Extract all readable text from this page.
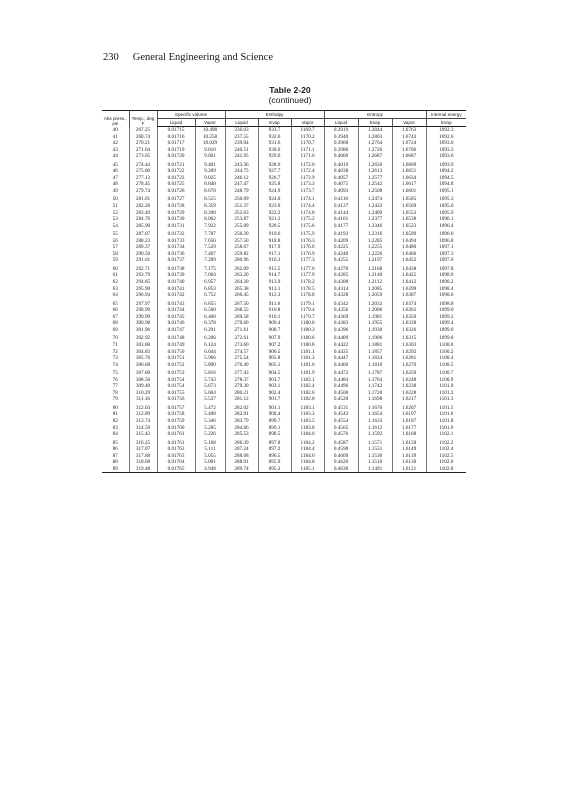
230 General Engineering and Science
Table 2-20
(continued)
Abs press., psi	Temp., deg F	Specific volume		Enthalpy			Entropy			Internal energy
		Liquid	Vapor	Liquid	Evap	Vapor	Liquid	Evap	Vapor	Evap
40	267.25	0.01715	10.498	236.03	933.7	1169.7	0.3919	1.2844	1.6763	1092.3
41	268.74	0.01716	10.258	237.55	932.6	1170.2	0.3940	1.2803	1.6743	1092.6
42	270.21	0.01717	10.029	239.04	931.6	1170.7	0.3960	1.2764	1.6724	1093.0
43	271.64	0.01719	9.810	240.51	930.6	1171.1	0.3980	1.2726	1.6706	1093.3
44	273.05	0.01720	9.601	241.95	929.6	1171.6	0.4000	1.2687	1.6687	1093.6
45	274.44	0.01721	9.401	243.36	928.6	1172.0	0.4019	1.2650	1.6669	1093.9
46	275.80	0.01722	9.209	244.75	927.7	1172.4	0.4038	1.2613	1.6651	1094.2
47	277.13	0.01723	9.025	246.12	926.7	1172.9	0.4057	1.2577	1.6634	1094.5
48	278.45	0.01725	8.848	247.47	925.8	1173.3	0.4075	1.2542	1.6617	1094.8
49	279.74	0.01726	8.678	248.79	924.9	1173.7	0.4093	1.2508	1.6601	1095.1
50	281.01	0.01727	8.515	250.09	924.0	1174.1	0.4110	1.2474	1.6585	1095.3
51	282.26	0.01728	8.359	251.37	923.0	1174.4	0.4127	1.2432	1.6569	1095.6
52	283.49	0.01729	8.208	252.63	922.2	1174.8	0.4144	1.2409	1.6553	1095.9
53	284.70	0.01730	8.062	253.87	921.3	1175.2	0.4161	1.2377	1.6538	1096.1
54	285.90	0.01731	7.922	255.09	920.5	1175.6	0.4177	1.2346	1.6523	1096.4
55	287.07	0.01732	7.787	256.30	919.6	1175.9	0.4193	1.2316	1.6509	1096.6
56	288.23	0.01733	7.656	257.50	918.8	1176.3	0.4209	1.2285	1.6494	1096.8
57	289.37	0.01734	7.529	258.67	917.9	1176.6	0.4225	1.2255	1.6480	1097.1
58	290.50	0.01736	7.407	259.82	917.1	1176.9	0.4240	1.2226	1.6466	1097.3
59	291.61	0.01737	7.289	260.96	916.3	1177.3	0.4255	1.2197	1.6452	1097.6
60	292.71	0.01738	7.175	262.09	915.5	1177.6	0.4270	1.2168	1.6438	1097.8
61	293.79	0.01739	7.064	263.20	914.7	1177.9	0.4285	1.2140	1.6425	1098.0
62	294.85	0.01740	6.957	264.30	913.9	1178.2	0.4300	1.2112	1.6412	1098.2
63	295.90	0.01741	6.853	265.38	913.1	1178.5	0.4314	1.2085	1.6399	1098.4
64	296.94	0.01742	6.752	266.45	912.3	1178.8	0.4328	1.2059	1.6387	1098.6
65	297.97	0.01743	6.655	267.50	911.6	1179.1	0.4342	1.2032	1.6374	1098.8
66	298.99	0.01744	6.560	268.55	910.8	1179.4	0.4356	1.2006	1.6362	1099.0
67	299.99	0.01745	6.468	269.58	910.1	1179.7	0.4369	1.1981	1.6350	1099.2
68	300.98	0.01746	6.378	270.60	909.4	1180.0	0.4383	1.1955	1.6338	1099.4
69	301.96	0.01747	6.291	271.61	908.7	1180.3	0.4396	1.1930	1.6326	1099.6
70	302.92	0.01748	6.206	272.61	907.9	1180.6	0.4409	1.1906	1.6315	1099.8
71	303.88	0.01749	6.124	273.60	907.2	1180.8	0.4422	1.1881	1.6303	1100.0
72	304.83	0.01750	6.044	274.57	906.5	1181.1	0.4435	1.1857	1.6292	1100.2
73	305.76	0.01751	5.966	275.54	905.8	1181.3	0.4447	1.1834	1.6281	1100.4
74	306.68	0.01752	5.890	276.49	905.1	1181.6	0.4460	1.1810	1.6270	1100.5
75	307.60	0.01753	5.816	277.43	904.5	1181.9	0.4472	1.1787	1.6259	1100.7
76	308.50	0.01754	5.743	278.37	903.7	1182.1	0.4484	1.1764	1.6248	1100.9
77	309.40	0.01754	5.673	279.30	903.1	1182.4	0.4496	1.1742	1.6238	1101.0
78	310.29	0.01755	5.604	280.21	902.4	1182.6	0.4508	1.1720	1.6228	1101.2
79	311.16	0.01756	5.537	281.12	901.7	1182.8	0.4520	1.1698	1.6217	1101.3
80	312.03	0.01757	5.472	282.02	901.1	1183.1	0.4531	1.1676	1.6207	1101.5
81	312.89	0.01758	5.408	282.91	900.4	1183.3	0.4543	1.1654	1.6197	1101.6
82	313.74	0.01759	5.346	283.79	899.7	1183.5	0.4554	1.1633	1.6187	1101.8
83	314.59	0.01760	5.285	284.66	899.1	1183.8	0.4565	1.1612	1.6177	1101.9
84	315.42	0.01761	5.226	285.53	898.5	1184.0	0.4576	1.1592	1.6168	1102.1
85	316.25	0.01761	5.168	286.39	897.8	1184.2	0.4587	1.1571	1.6158	1102.2
86	317.07	0.01762	5.111	287.24	897.2	1184.4	0.4598	1.1551	1.6149	1102.4
87	317.88	0.01763	5.055	288.08	896.5	1184.6	0.4609	1.1530	1.6139	1102.5
88	318.68	0.01764	5.001	288.91	895.9	1184.8	0.4620	1.1510	1.6130	1102.6
89	319.48	0.01765	4.948	289.74	895.3	1185.1	0.4630	1.1491	1.6121	1102.8
